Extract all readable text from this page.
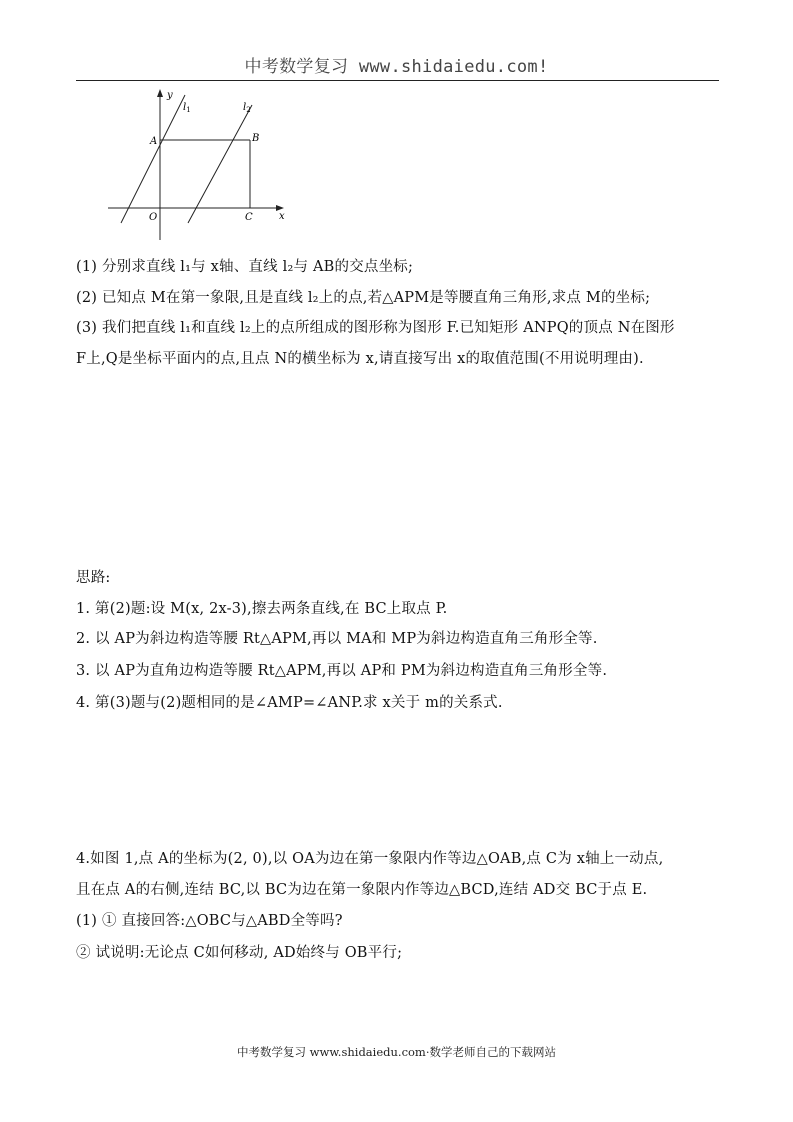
中考数学复习 www.shidaiedu.com!
y
$l_1$	$l_2$
A	B
O	C	x
(1) 分别求直线 l₁与 x轴、直线 l₂与 AB的交点坐标;
(2) 已知点 M在第一象限,且是直线 l₂上的点,若△APM是等腰直角三角形,求点 M的坐标;
(3) 我们把直线 l₁和直线 l₂上的点所组成的图形称为图形 F.已知矩形 ANPQ的顶点 N在图形
F上,Q是坐标平面内的点,且点 N的横坐标为 x,请直接写出 x的取值范围(不用说明理由).
思路:
1. 第(2)题:设 M(x, 2x-3),擦去两条直线,在 BC上取点 P.
2. 以 AP为斜边构造等腰 Rt△APM,再以 MA和 MP为斜边构造直角三角形全等.
3. 以 AP为直角边构造等腰 Rt△APM,再以 AP和 PM为斜边构造直角三角形全等.
4. 第(3)题与(2)题相同的是∠AMP=∠ANP.求 x关于 m的关系式.
4.如图 1,点 A的坐标为(2, 0),以 OA为边在第一象限内作等边△OAB,点 C为 x轴上一动点,
且在点 A的右侧,连结 BC,以 BC为边在第一象限内作等边△BCD,连结 AD交 BC于点 E.
(1) ① 直接回答:△OBC与△ABD全等吗?
② 试说明:无论点 C如何移动, AD始终与 OB平行;
中考数学复习 www.shidaiedu.com·数学老师自己的下载网站
